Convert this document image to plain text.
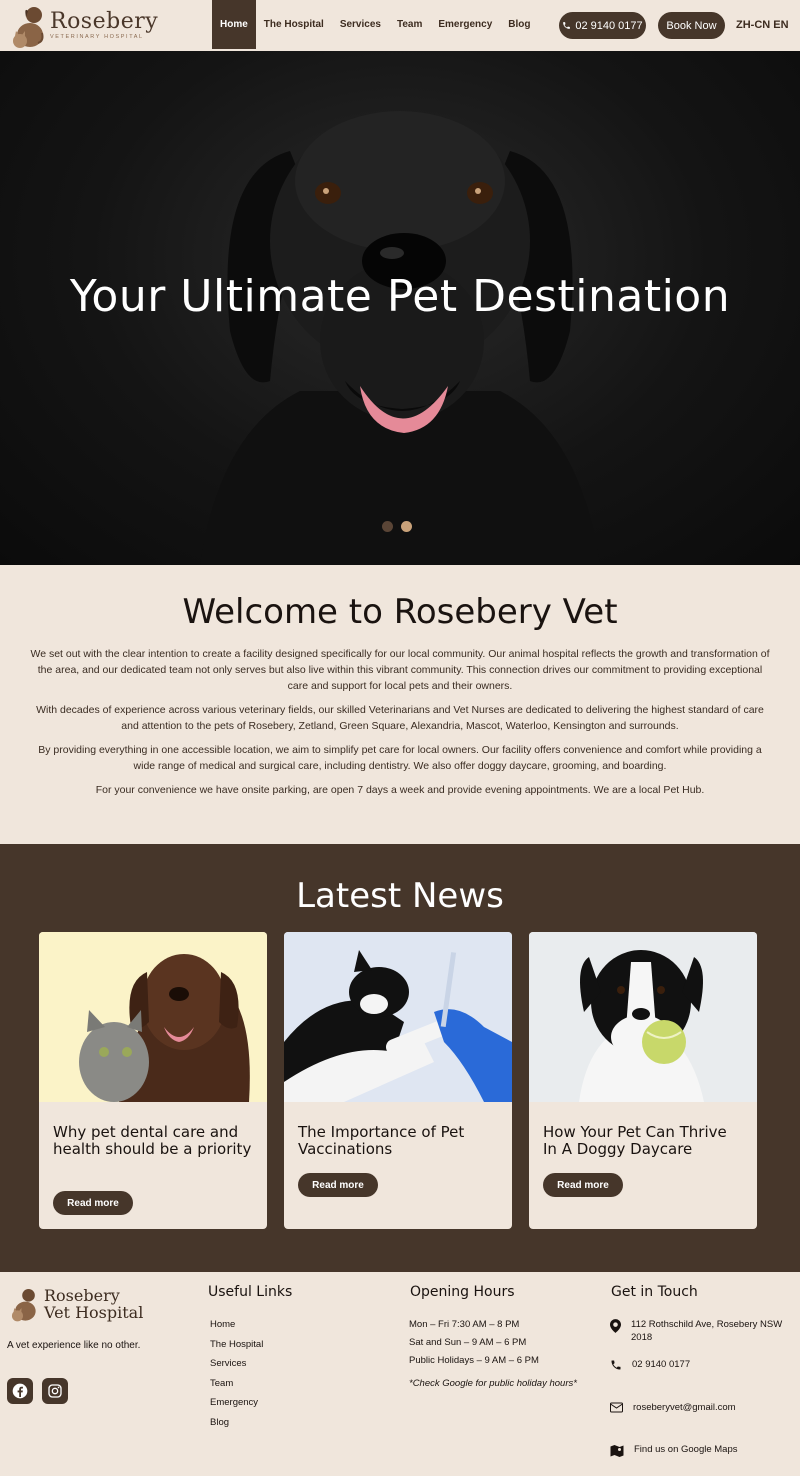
Rosebery
VETERINARY HOSPITAL
Home	The Hospital	Services	Team	Emergency	Blog	02 9140 0177	Book Now	ZH-CN EN
Your Ultimate Pet Destination
Welcome to Rosebery Vet

We set out with the clear intention to create a facility designed specifically for our local community. Our animal hospital reflects the growth and transformation of the area, and our dedicated team not only serves but also live within this vibrant community. This connection drives our commitment to providing exceptional care and support for local pets and their owners.

With decades of experience across various veterinary fields, our skilled Veterinarians and Vet Nurses are dedicated to delivering the highest standard of care and attention to the pets of Rosebery, Zetland, Green Square, Alexandria, Mascot, Waterloo, Kensington and surrounds.

By providing everything in one accessible location, we aim to simplify pet care for local owners. Our facility offers convenience and comfort while providing a wide range of medical and surgical care, including dentistry. We also offer doggy daycare, grooming, and boarding.

For your convenience we have onsite parking, are open 7 days a week and provide evening appointments. We are a local Pet Hub.

Latest News
Why pet dental care and health should be a priority
Read more
The Importance of Pet Vaccinations
Read more
How Your Pet Can Thrive In A Doggy Daycare
Read more
Rosebery
Vet Hospital
A vet experience like no other.
Useful Links
Home
The Hospital
Services
Team
Emergency
Blog
Opening Hours
Mon – Fri 7:30 AM – 8 PM
Sat and Sun – 9 AM – 6 PM
Public Holidays – 9 AM – 6 PM
*Check Google for public holiday hours*
Get in Touch
112 Rothschild Ave, Rosebery NSW 2018
02 9140 0177
roseberyvet@gmail.com
Find us on Google Maps
